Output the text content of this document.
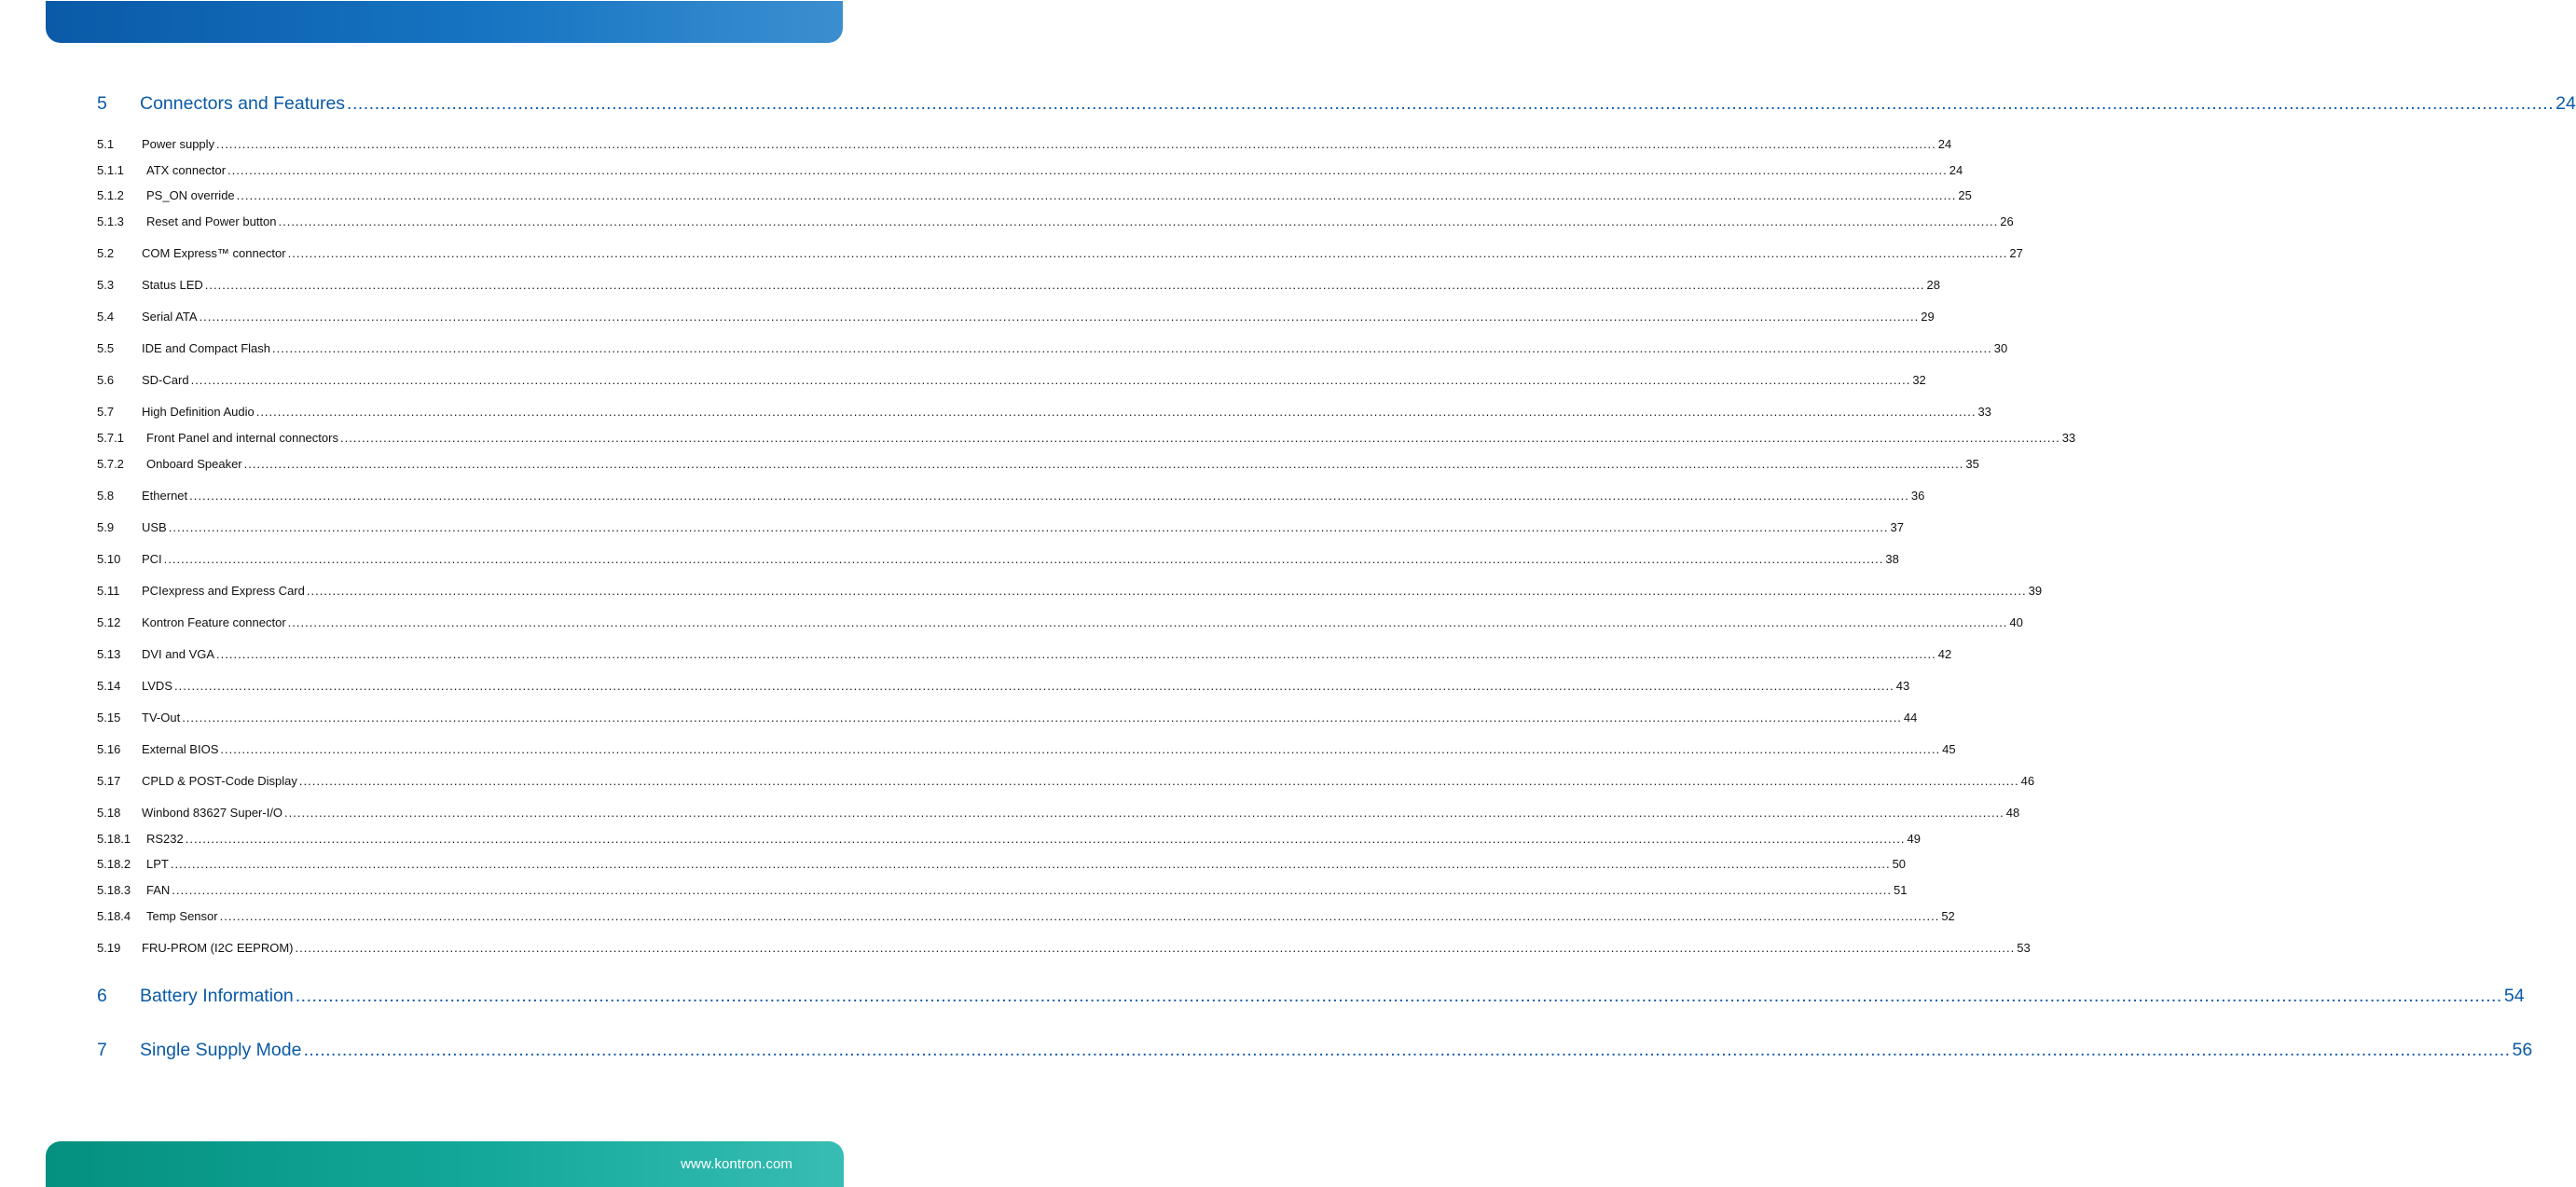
5	Connectors and Features ................................................................................................................................................................................................................................................................................................................................................................................................................ 24
5.1	Power supply ................................................................................................................................................................................................................................................................................................................................................................................................................ 24
5.1.1	ATX connector ................................................................................................................................................................................................................................................................................................................................................................................................................ 24
5.1.2	PS_ON override ................................................................................................................................................................................................................................................................................................................................................................................................................ 25
5.1.3	Reset and Power button ................................................................................................................................................................................................................................................................................................................................................................................................................ 26
5.2	COM Express™ connector ................................................................................................................................................................................................................................................................................................................................................................................................................ 27
5.3	Status LED ................................................................................................................................................................................................................................................................................................................................................................................................................ 28
5.4	Serial ATA ................................................................................................................................................................................................................................................................................................................................................................................................................ 29
5.5	IDE and Compact Flash ................................................................................................................................................................................................................................................................................................................................................................................................................ 30
5.6	SD-Card ................................................................................................................................................................................................................................................................................................................................................................................................................ 32
5.7	High Definition Audio ................................................................................................................................................................................................................................................................................................................................................................................................................ 33
5.7.1	Front Panel and internal connectors ................................................................................................................................................................................................................................................................................................................................................................................................................ 33
5.7.2	Onboard Speaker ................................................................................................................................................................................................................................................................................................................................................................................................................ 35
5.8	Ethernet ................................................................................................................................................................................................................................................................................................................................................................................................................ 36
5.9	USB ................................................................................................................................................................................................................................................................................................................................................................................................................ 37
5.10	PCI ................................................................................................................................................................................................................................................................................................................................................................................................................ 38
5.11	PCIexpress and Express Card ................................................................................................................................................................................................................................................................................................................................................................................................................ 39
5.12	Kontron Feature connector ................................................................................................................................................................................................................................................................................................................................................................................................................ 40
5.13	DVI and VGA ................................................................................................................................................................................................................................................................................................................................................................................................................ 42
5.14	LVDS ................................................................................................................................................................................................................................................................................................................................................................................................................ 43
5.15	TV-Out ................................................................................................................................................................................................................................................................................................................................................................................................................ 44
5.16	External BIOS ................................................................................................................................................................................................................................................................................................................................................................................................................ 45
5.17	CPLD & POST-Code Display ................................................................................................................................................................................................................................................................................................................................................................................................................ 46
5.18	Winbond 83627 Super-I/O ................................................................................................................................................................................................................................................................................................................................................................................................................ 48
5.18.1	RS232 ................................................................................................................................................................................................................................................................................................................................................................................................................ 49
5.18.2	LPT ................................................................................................................................................................................................................................................................................................................................................................................................................ 50
5.18.3	FAN ................................................................................................................................................................................................................................................................................................................................................................................................................ 51
5.18.4	Temp Sensor ................................................................................................................................................................................................................................................................................................................................................................................................................ 52
5.19	FRU-PROM (I2C EEPROM) ................................................................................................................................................................................................................................................................................................................................................................................................................ 53
6	Battery Information ................................................................................................................................................................................................................................................................................................................................................................................................................ 54
7	Single Supply Mode ................................................................................................................................................................................................................................................................................................................................................................................................................ 56
www.kontron.com
